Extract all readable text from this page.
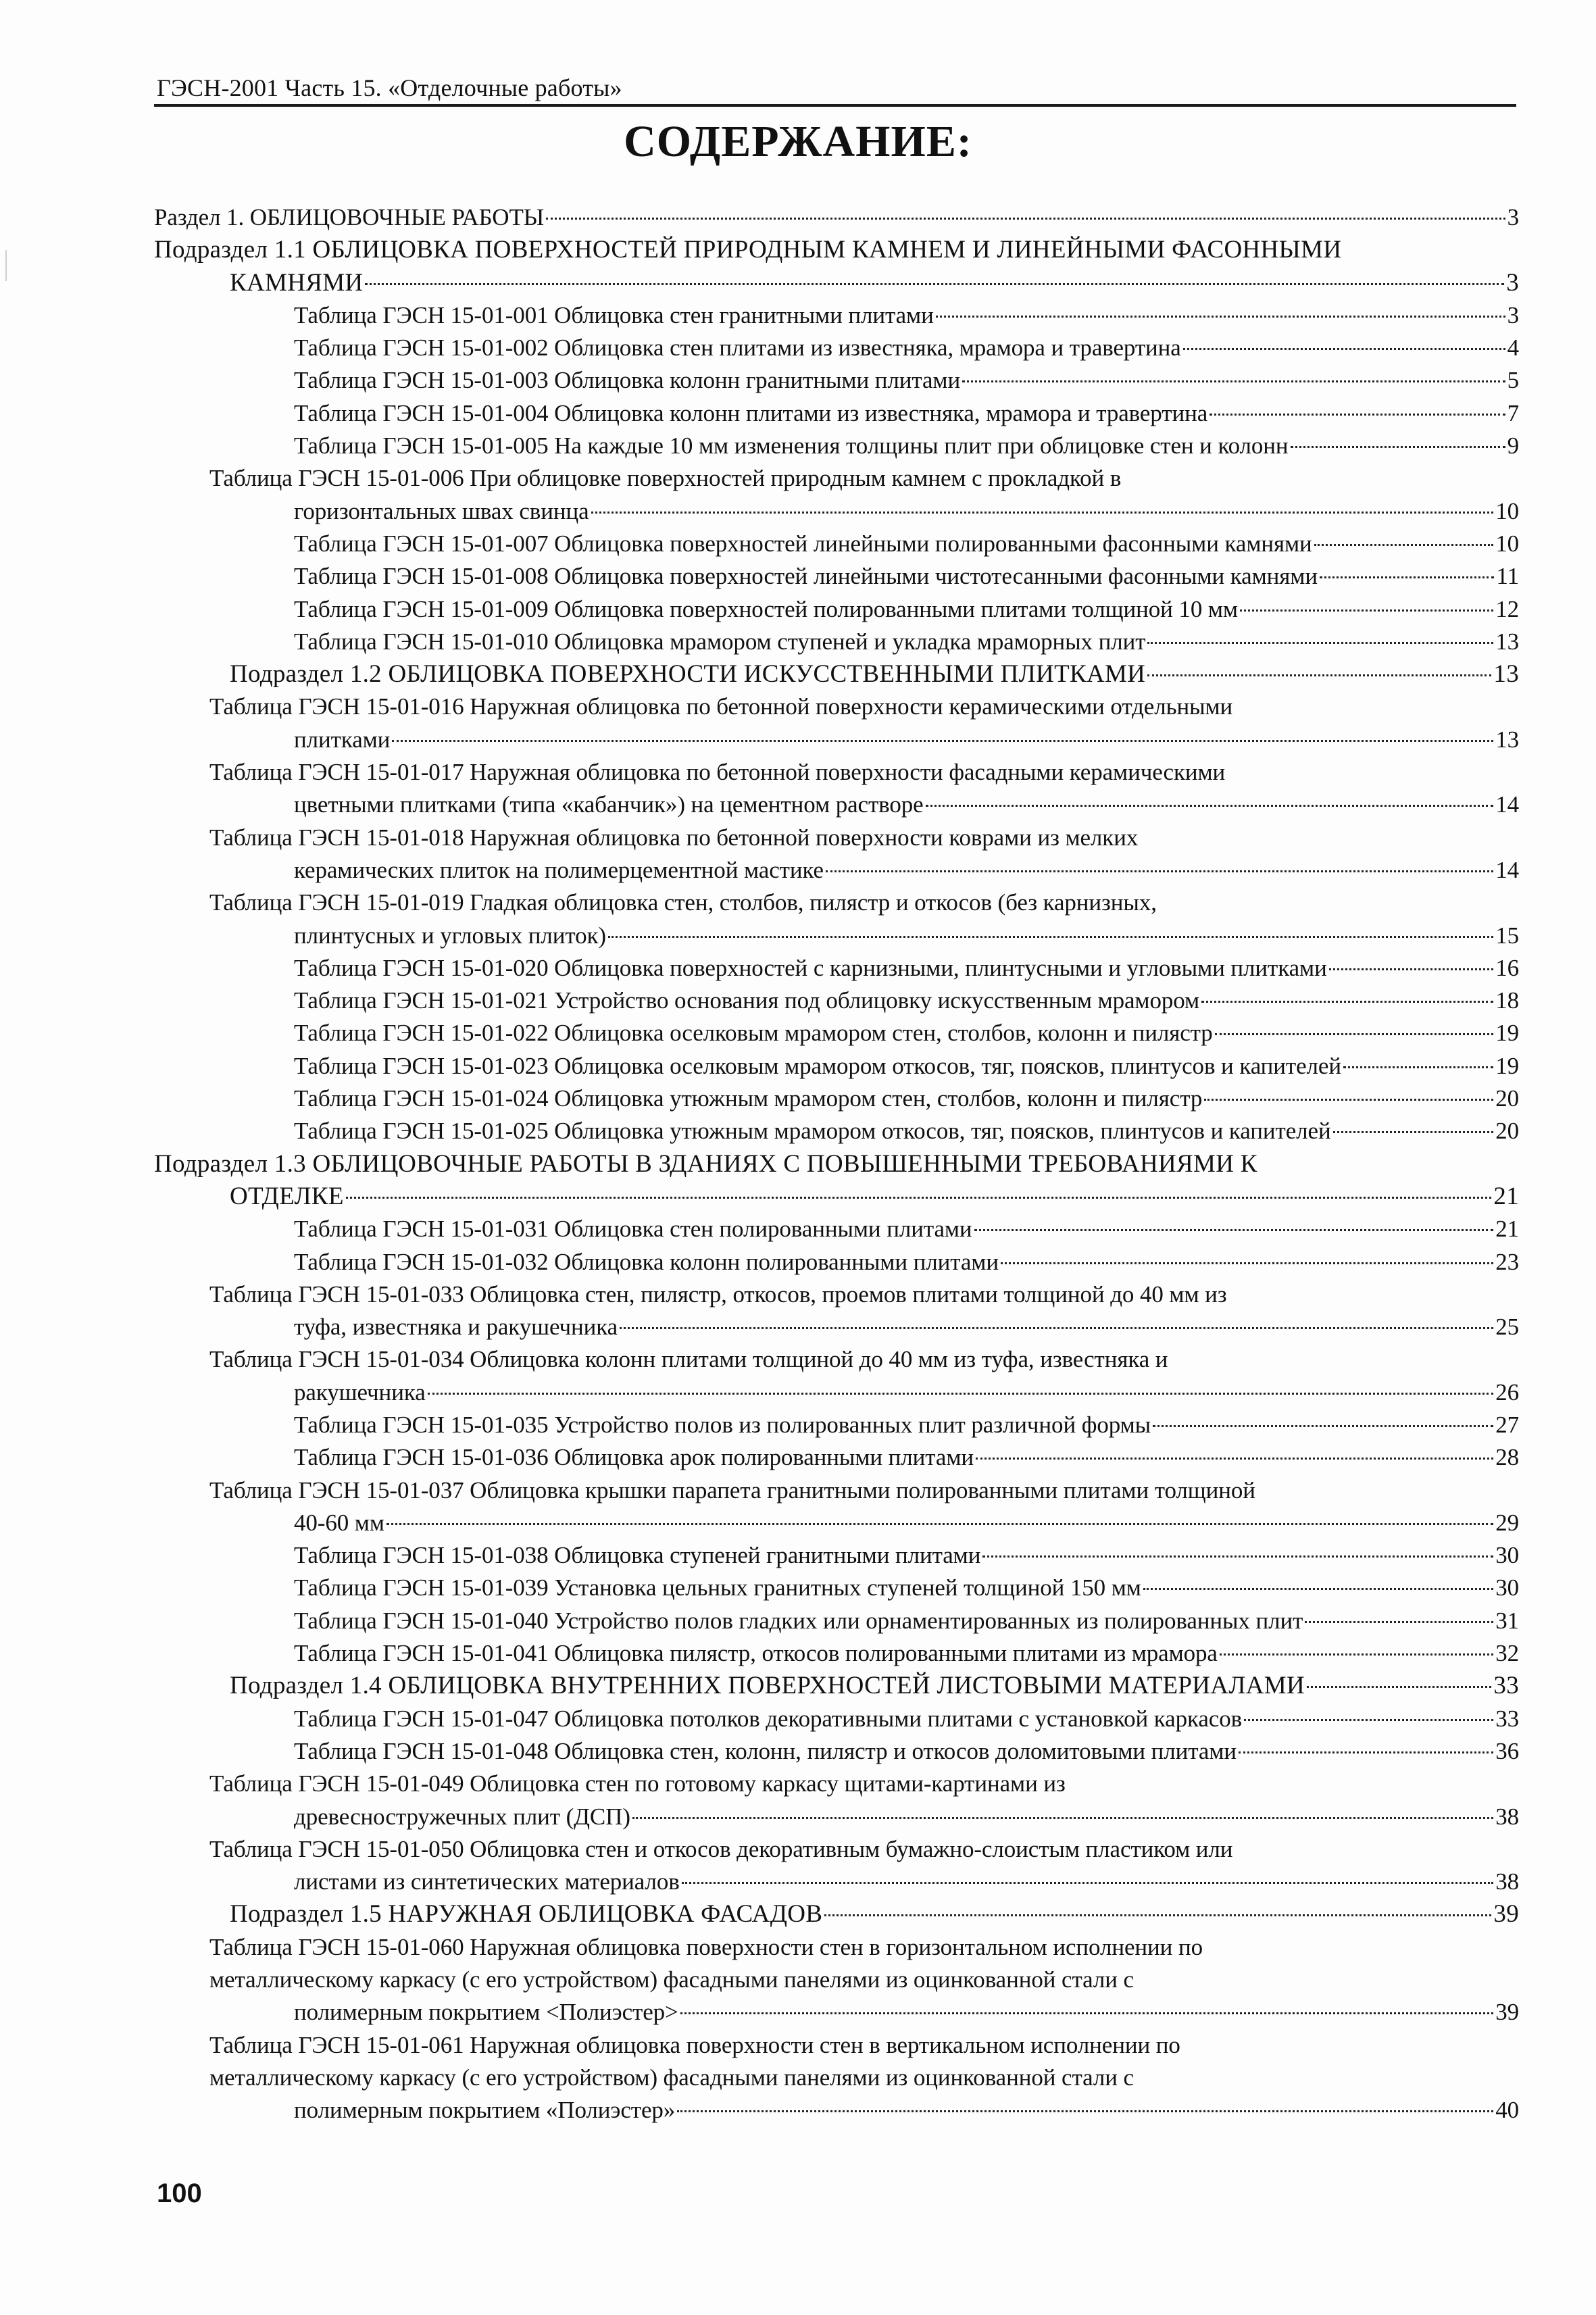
ГЭСН-2001 Часть 15. «Отделочные работы»
СОДЕРЖАНИЕ:
Раздел 1. ОБЛИЦОВОЧНЫЕ РАБОТЫ	3
Подраздел 1.1 ОБЛИЦОВКА ПОВЕРХНОСТЕЙ ПРИРОДНЫМ КАМНЕМ И ЛИНЕЙНЫМИ ФАСОННЫМИ
КАМНЯМИ	3
Таблица ГЭСН 15-01-001 Облицовка стен гранитными плитами	3
Таблица ГЭСН 15-01-002 Облицовка стен плитами из известняка, мрамора и травертина	4
Таблица ГЭСН 15-01-003 Облицовка колонн гранитными плитами	5
Таблица ГЭСН 15-01-004 Облицовка колонн плитами из известняка, мрамора и травертина	7
Таблица ГЭСН 15-01-005 На каждые 10 мм изменения толщины плит при облицовке стен и колонн	9
Таблица ГЭСН 15-01-006 При облицовке поверхностей природным камнем с прокладкой в
горизонтальных швах свинца	10
Таблица ГЭСН 15-01-007 Облицовка поверхностей линейными полированными фасонными камнями	10
Таблица ГЭСН 15-01-008 Облицовка поверхностей линейными чистотесанными фасонными камнями	11
Таблица ГЭСН 15-01-009 Облицовка поверхностей полированными плитами толщиной 10 мм	12
Таблица ГЭСН 15-01-010 Облицовка мрамором ступеней и укладка мраморных плит	13
Подраздел 1.2 ОБЛИЦОВКА ПОВЕРХНОСТИ ИСКУССТВЕННЫМИ ПЛИТКАМИ	13
Таблица ГЭСН 15-01-016 Наружная облицовка по бетонной поверхности керамическими отдельными
плитками	13
Таблица ГЭСН 15-01-017 Наружная облицовка по бетонной поверхности фасадными керамическими
цветными плитками (типа «кабанчик») на цементном растворе	14
Таблица ГЭСН 15-01-018 Наружная облицовка по бетонной поверхности коврами из мелких
керамических плиток на полимерцементной мастике	14
Таблица ГЭСН 15-01-019 Гладкая облицовка стен, столбов, пилястр и откосов (без карнизных,
плинтусных и угловых плиток)	15
Таблица ГЭСН 15-01-020 Облицовка поверхностей с карнизными, плинтусными и угловыми плитками	16
Таблица ГЭСН 15-01-021 Устройство основания под облицовку искусственным мрамором	18
Таблица ГЭСН 15-01-022 Облицовка оселковым мрамором стен, столбов, колонн и пилястр	19
Таблица ГЭСН 15-01-023 Облицовка оселковым мрамором откосов, тяг, поясков, плинтусов и капителей	19
Таблица ГЭСН 15-01-024 Облицовка утюжным мрамором стен, столбов, колонн и пилястр	20
Таблица ГЭСН 15-01-025 Облицовка утюжным мрамором откосов, тяг, поясков, плинтусов и капителей	20
Подраздел 1.3 ОБЛИЦОВОЧНЫЕ РАБОТЫ В ЗДАНИЯХ С ПОВЫШЕННЫМИ ТРЕБОВАНИЯМИ К
ОТДЕЛКЕ	21
Таблица ГЭСН 15-01-031 Облицовка стен полированными плитами	21
Таблица ГЭСН 15-01-032 Облицовка колонн полированными плитами	23
Таблица ГЭСН 15-01-033 Облицовка стен, пилястр, откосов, проемов плитами толщиной до 40 мм из
туфа, известняка и ракушечника	25
Таблица ГЭСН 15-01-034 Облицовка колонн плитами толщиной до 40 мм из туфа, известняка и
ракушечника	26
Таблица ГЭСН 15-01-035 Устройство полов из полированных плит различной формы	27
Таблица ГЭСН 15-01-036 Облицовка арок полированными плитами	28
Таблица ГЭСН 15-01-037 Облицовка крышки парапета гранитными полированными плитами толщиной
40-60 мм	29
Таблица ГЭСН 15-01-038 Облицовка ступеней гранитными плитами	30
Таблица ГЭСН 15-01-039 Установка цельных гранитных ступеней толщиной 150 мм	30
Таблица ГЭСН 15-01-040 Устройство полов гладких или орнаментированных из полированных плит	31
Таблица ГЭСН 15-01-041 Облицовка пилястр, откосов полированными плитами из мрамора	32
Подраздел 1.4 ОБЛИЦОВКА ВНУТРЕННИХ ПОВЕРХНОСТЕЙ ЛИСТОВЫМИ МАТЕРИАЛАМИ	33
Таблица ГЭСН 15-01-047 Облицовка потолков декоративными плитами с установкой каркасов	33
Таблица ГЭСН 15-01-048 Облицовка стен, колонн, пилястр и откосов доломитовыми плитами	36
Таблица ГЭСН 15-01-049 Облицовка стен по готовому каркасу щитами-картинами из
древесностружечных плит (ДСП)	38
Таблица ГЭСН 15-01-050 Облицовка стен и откосов декоративным бумажно-слоистым пластиком или
листами из синтетических материалов	38
Подраздел 1.5 НАРУЖНАЯ ОБЛИЦОВКА ФАСАДОВ	39
Таблица ГЭСН 15-01-060 Наружная облицовка поверхности стен в горизонтальном исполнении по
металлическому каркасу (с его устройством) фасадными панелями из оцинкованной стали с
полимерным покрытием <Полиэстер>	39
Таблица ГЭСН 15-01-061 Наружная облицовка поверхности стен в вертикальном исполнении по
металлическому каркасу (с его устройством) фасадными панелями из оцинкованной стали с
полимерным покрытием «Полиэстер»	40
100
